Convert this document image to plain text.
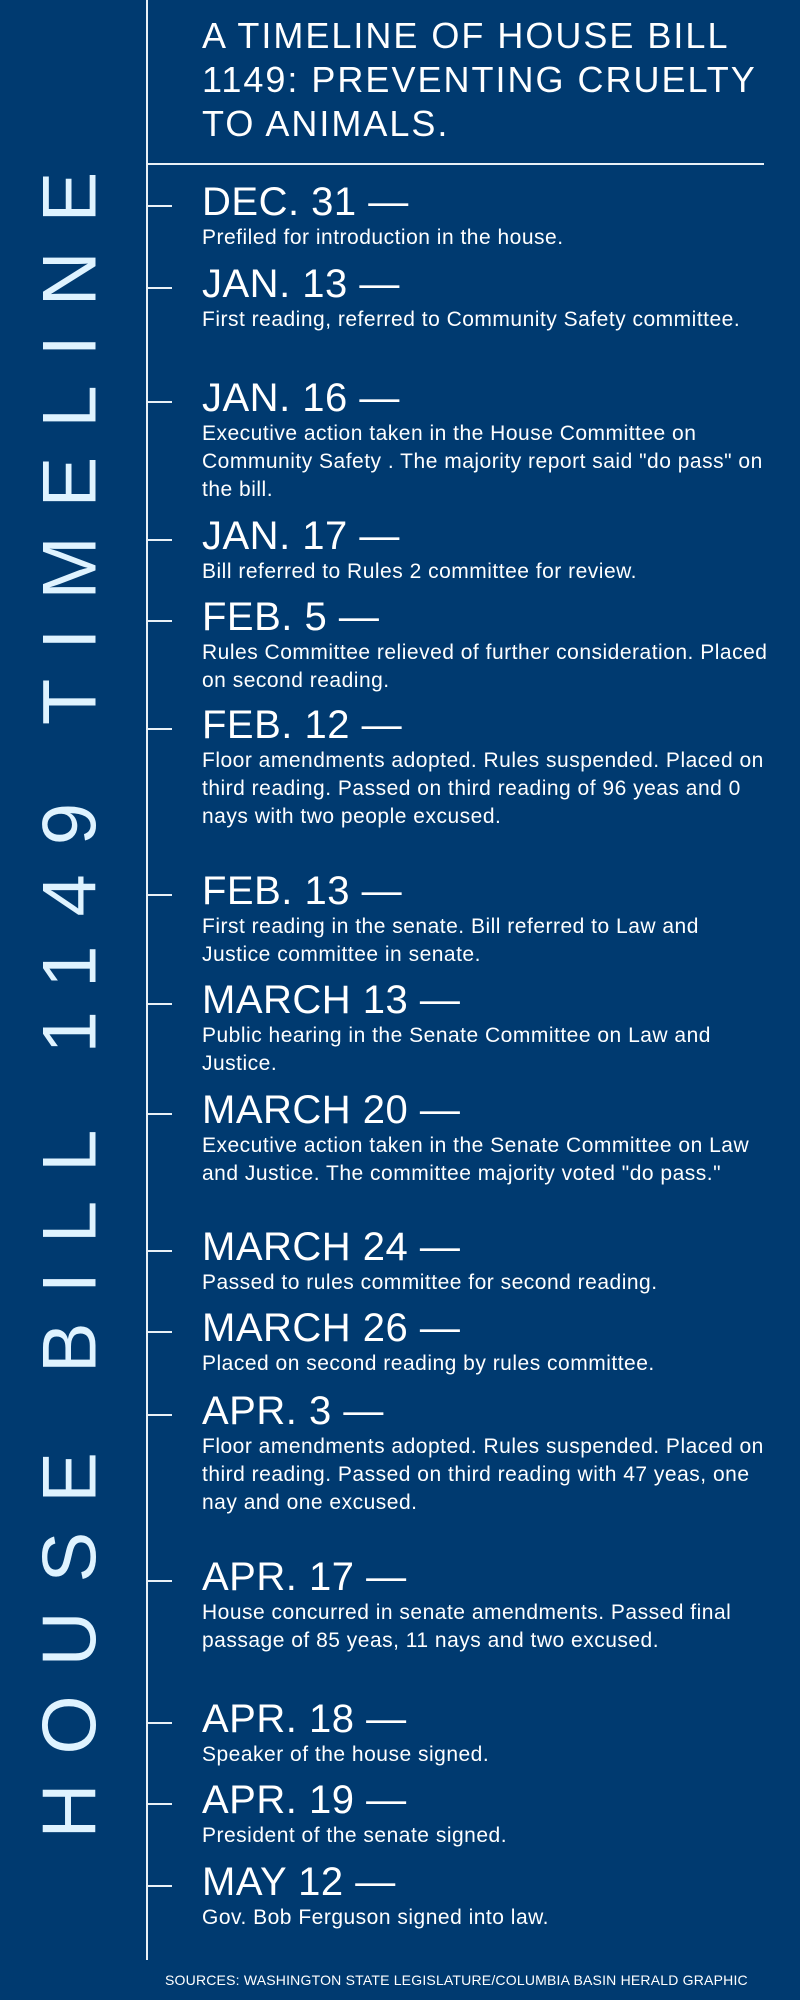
HOUSE BILL 1149 TIMELINE
A TIMELINE OF HOUSE BILL 1149: PREVENTING CRUELTY TO ANIMALS.
DEC. 31 —
Prefiled for introduction in the house.
JAN. 13 —
First reading, referred to Community Safety committee.
JAN. 16 —
Executive action taken in the House Committee on Community Safety . The majority report said "do pass" on the bill.
JAN. 17 —
Bill referred to Rules 2 committee for review.
FEB. 5 —
Rules Committee relieved of further consideration. Placed on second reading.
FEB. 12 —
Floor amendments adopted. Rules suspended. Placed on third reading. Passed on third reading of 96 yeas and 0 nays with two people excused.
FEB. 13 —
First reading in the senate. Bill referred to Law and Justice committee in senate.
MARCH 13 —
Public hearing in the Senate Committee on Law and Justice.
MARCH 20 —
Executive action taken in the Senate Committee on Law and Justice. The committee majority voted "do pass."
MARCH 24 —
Passed to rules committee for second reading.
MARCH 26 —
Placed on second reading by rules committee.
APR. 3 —
Floor amendments adopted. Rules suspended. Placed on third reading. Passed on third reading with 47 yeas, one nay and one excused.
APR. 17 —
House concurred in senate amendments. Passed final passage of 85 yeas, 11 nays and two excused.
APR. 18 —
Speaker of the house signed.
APR. 19 —
President of the senate signed.
MAY 12 —
Gov. Bob Ferguson signed into law.
SOURCES: WASHINGTON STATE LEGISLATURE/COLUMBIA BASIN HERALD GRAPHIC
